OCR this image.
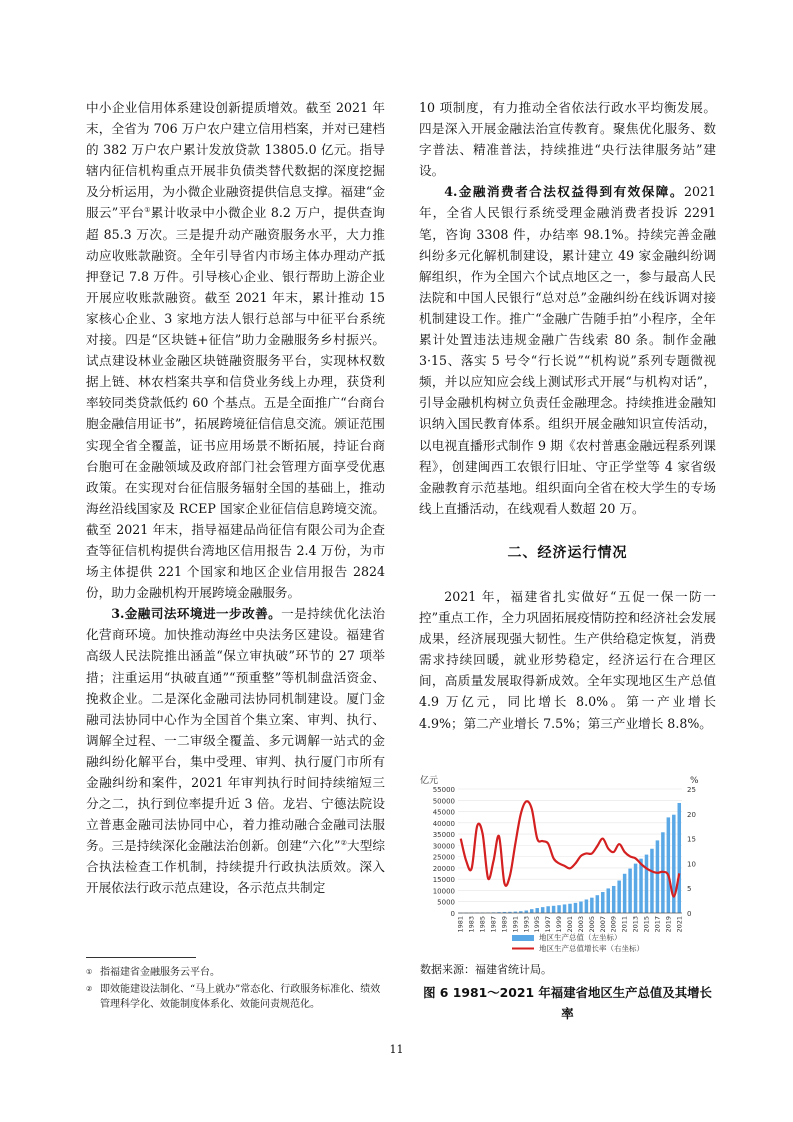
中小企业信用体系建设创新提质增效。截至 2021 年末，全省为 706 万户农户建立信用档案，并对已建档的 382 万户农户累计发放贷款 13805.0 亿元。指导辖内征信机构重点开展非负债类替代数据的深度挖掘及分析运用，为小微企业融资提供信息支撑。福建“金服云”平台①累计收录中小微企业 8.2 万户，提供查询超 85.3 万次。三是提升动产融资服务水平，大力推动应收账款融资。全年引导省内市场主体办理动产抵押登记 7.8 万件。引导核心企业、银行帮助上游企业开展应收账款融资。截至 2021 年末，累计推动 15 家核心企业、3 家地方法人银行总部与中征平台系统对接。四是“区块链+征信”助力金融服务乡村振兴。试点建设林业金融区块链融资服务平台，实现林权数据上链、林农档案共享和信贷业务线上办理，获贷利率较同类贷款低约 60 个基点。五是全面推广“台商台胞金融信用证书”，拓展跨境征信信息交流。颁证范围实现全省全覆盖，证书应用场景不断拓展，持证台商台胞可在金融领域及政府部门社会管理方面享受优惠政策。在实现对台征信服务辐射全国的基础上，推动海丝沿线国家及 RCEP 国家企业征信信息跨境交流。截至 2021 年末，指导福建品尚征信有限公司为企查查等征信机构提供台湾地区信用报告 2.4 万份，为市场主体提供 221 个国家和地区企业信用报告 2824 份，助力金融机构开展跨境金融服务。

3.金融司法环境进一步改善。一是持续优化法治化营商环境。加快推动海丝中央法务区建设。福建省高级人民法院推出涵盖“保立审执破”环节的 27 项举措；注重运用“执破直通”“预重整”等机制盘活资金、挽救企业。二是深化金融司法协同机制建设。厦门金融司法协同中心作为全国首个集立案、审判、执行、调解全过程、一二审级全覆盖、多元调解一站式的金融纠纷化解平台，集中受理、审判、执行厦门市所有金融纠纷和案件，2021 年审判执行时间持续缩短三分之二，执行到位率提升近 3 倍。龙岩、宁德法院设立普惠金融司法协同中心，着力推动融合金融司法服务。三是持续深化金融法治创新。创建“六化”②大型综合执法检查工作机制，持续提升行政执法质效。深入开展依法行政示范点建设，各示范点共制定

10 项制度，有力推动全省依法行政水平均衡发展。四是深入开展金融法治宣传教育。聚焦优化服务、数字普法、精准普法，持续推进“央行法律服务站”建设。

4.金融消费者合法权益得到有效保障。2021 年，全省人民银行系统受理金融消费者投诉 2291 笔，咨询 3308 件，办结率 98.1%。持续完善金融纠纷多元化解机制建设，累计建立 49 家金融纠纷调解组织，作为全国六个试点地区之一，参与最高人民法院和中国人民银行“总对总”金融纠纷在线诉调对接机制建设工作。推广“金融广告随手拍”小程序，全年累计处置违法违规金融广告线索 80 条。制作金融 3·15、落实 5 号令“行长说”“机构说”系列专题微视频，并以应知应会线上测试形式开展“与机构对话”，引导金融机构树立负责任金融理念。持续推进金融知识纳入国民教育体系。组织开展金融知识宣传活动，以电视直播形式制作 9 期《农村普惠金融远程系列课程》，创建闽西工农银行旧址、守正学堂等 4 家省级金融教育示范基地。组织面向全省在校大学生的专场线上直播活动，在线观看人数超 20 万。

二、经济运行情况

2021 年，福建省扎实做好“五促一保一防一控”重点工作，全力巩固拓展疫情防控和经济社会发展成果，经济展现强大韧性。生产供给稳定恢复，消费需求持续回暖，就业形势稳定，经济运行在合理区间，高质量发展取得新成效。全年实现地区生产总值 4.9 万亿元，同比增长 8.0%。第一产业增长 4.9%；第二产业增长 7.5%；第三产业增长 8.8%。

亿元	%
0
5000
10000
15000
20000
25000
30000
35000
40000
45000
50000
55000
0
5
10
15
20
25
1981 1983 1985 1987 1989 1991 1993 1995 1997 1999 2001 2003 2005 2007 2009 2011 2013 2015 2017 2019 2021
地区生产总值（左坐标）
地区生产总值增长率（右坐标）
数据来源：福建省统计局。
图 6 1981～2021 年福建省地区生产总值及其增长率
① 指福建省金融服务云平台。
② 即效能建设法制化、“马上就办”常态化、行政服务标准化、绩效管理科学化、效能制度体系化、效能问责规范化。
11
